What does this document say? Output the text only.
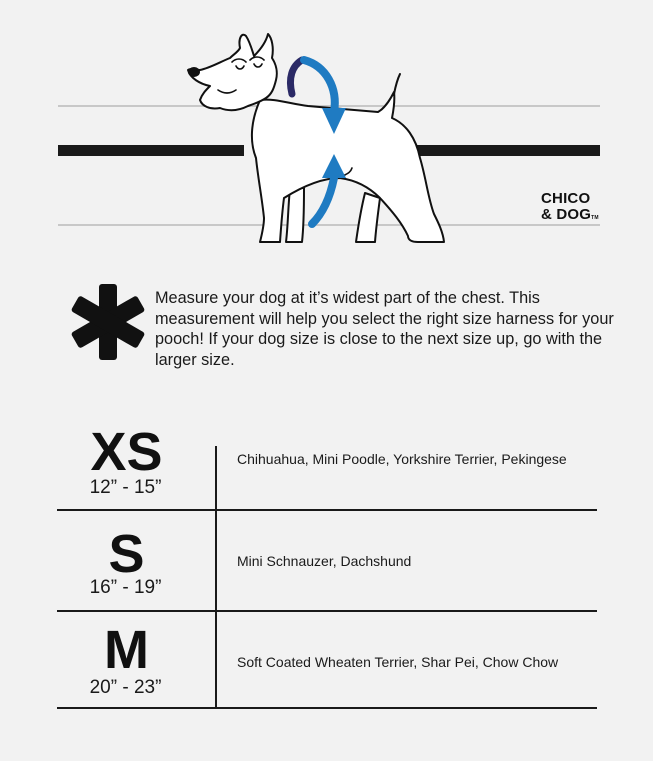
CHICO
& DOGTM
Measure your dog at it’s widest part of the chest. This measurement will help you select the right size harness for your pooch! If your dog size is close to the next size up, go with the larger size.
XS
12” - 15”
Chihuahua, Mini Poodle, Yorkshire Terrier, Pekingese
S
16” - 19”
Mini Schnauzer, Dachshund
M
20” - 23”
Soft Coated Wheaten Terrier, Shar Pei, Chow Chow
